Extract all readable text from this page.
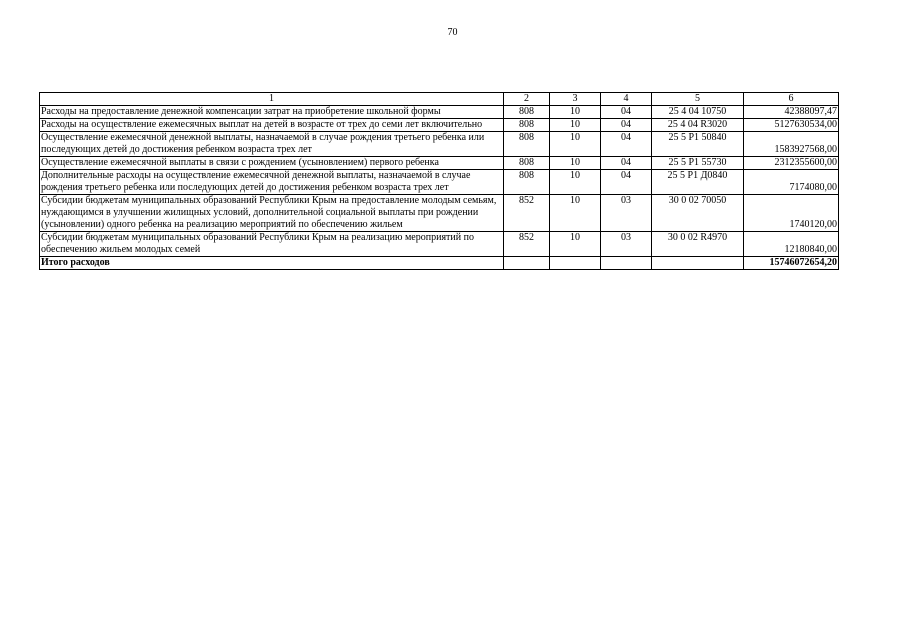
70
1	2	3	4	5	6
Расходы на предоставление денежной компенсации затрат на приобретение школьной формы	808	10	04	25 4 04 10750	42388097,47
Расходы на осуществление ежемесячных выплат на детей в возрасте от трех до семи лет включительно	808	10	04	25 4 04 R3020	5127630534,00
Осуществление ежемесячной денежной выплаты, назначаемой в случае рождения третьего ребенка или последующих детей до достижения ребенком возраста трех лет	808	10	04	25 5 P1 50840	1583927568,00
Осуществление ежемесячной выплаты в связи с рождением (усыновлением) первого ребенка	808	10	04	25 5 P1 55730	2312355600,00
Дополнительные расходы на осуществление ежемесячной денежной выплаты, назначаемой в случае рождения третьего ребенка или последующих детей до достижения ребенком возраста трех лет	808	10	04	25 5 P1 Д0840	7174080,00
Субсидии бюджетам муниципальных образований Республики Крым на предоставление молодым семьям, нуждающимся в улучшении жилищных условий, дополнительной социальной выплаты при рождении (усыновлении) одного ребенка на реализацию мероприятий по обеспечению жильем	852	10	03	30 0 02 70050	1740120,00
Субсидии бюджетам муниципальных образований Республики Крым на реализацию мероприятий по обеспечению жильем молодых семей	852	10	03	30 0 02 R4970	12180840,00
Итого расходов					15746072654,20
